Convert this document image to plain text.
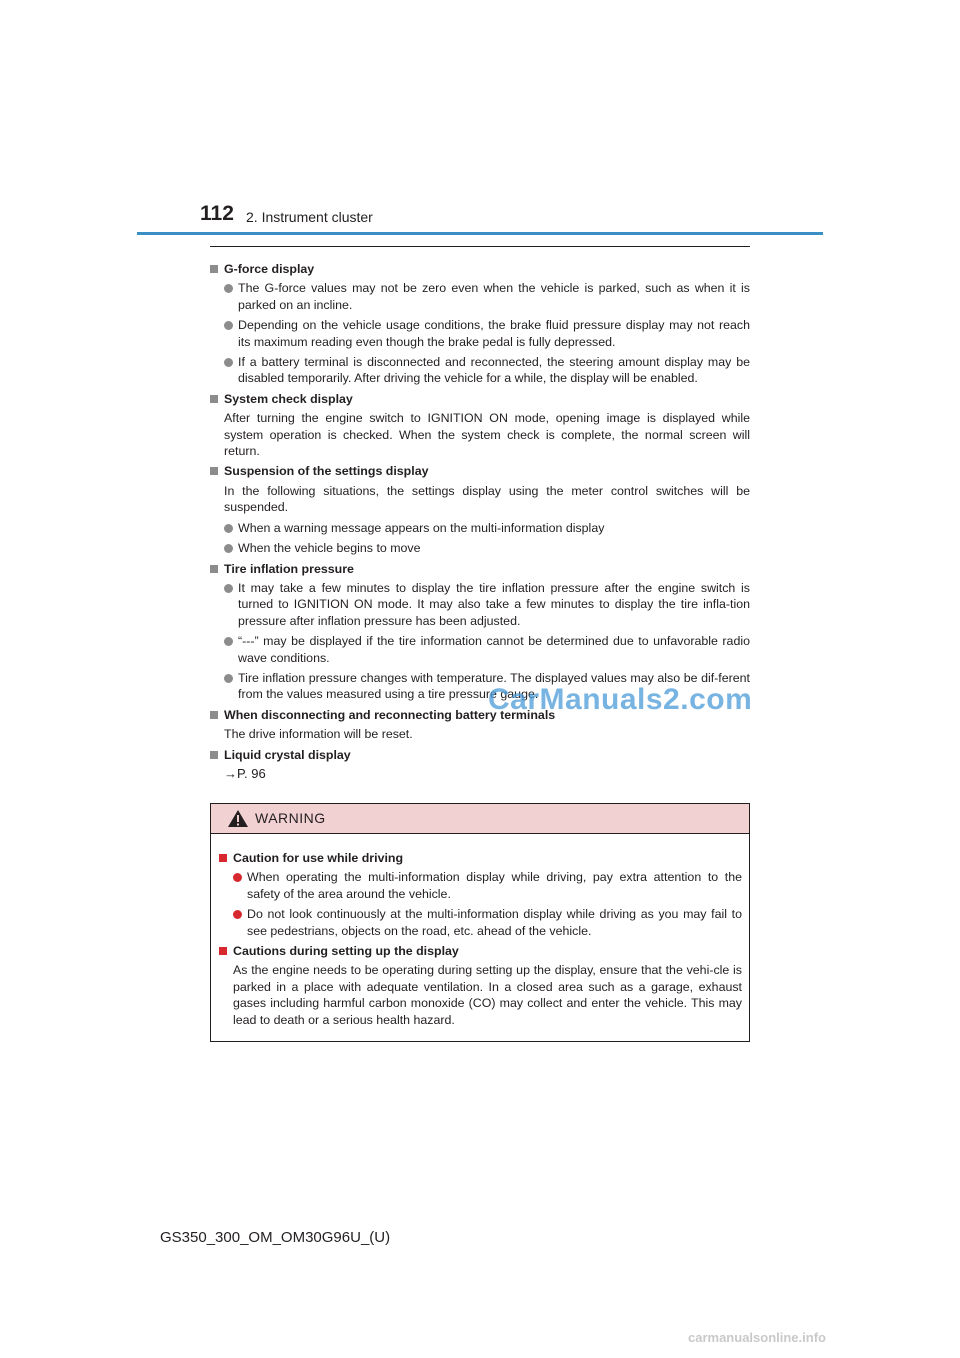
112 2. Instrument cluster
G-force display
The G-force values may not be zero even when the vehicle is parked, such as when it is parked on an incline.
Depending on the vehicle usage conditions, the brake fluid pressure display may not reach its maximum reading even though the brake pedal is fully depressed.
If a battery terminal is disconnected and reconnected, the steering amount display may be disabled temporarily. After driving the vehicle for a while, the display will be enabled.
System check display
After turning the engine switch to IGNITION ON mode, opening image is displayed while system operation is checked. When the system check is complete, the normal screen will return.
Suspension of the settings display
In the following situations, the settings display using the meter control switches will be suspended.
When a warning message appears on the multi-information display
When the vehicle begins to move
Tire inflation pressure
It may take a few minutes to display the tire inflation pressure after the engine switch is turned to IGNITION ON mode. It may also take a few minutes to display the tire infla-tion pressure after inflation pressure has been adjusted.
“---” may be displayed if the tire information cannot be determined due to unfavorable radio wave conditions.
Tire inflation pressure changes with temperature. The displayed values may also be dif-ferent from the values measured using a tire pressure gauge.
When disconnecting and reconnecting battery terminals
The drive information will be reset.
Liquid crystal display
→P. 96
WARNING
Caution for use while driving
When operating the multi-information display while driving, pay extra attention to the safety of the area around the vehicle.
Do not look continuously at the multi-information display while driving as you may fail to see pedestrians, objects on the road, etc. ahead of the vehicle.
Cautions during setting up the display
As the engine needs to be operating during setting up the display, ensure that the vehi-cle is parked in a place with adequate ventilation. In a closed area such as a garage, exhaust gases including harmful carbon monoxide (CO) may collect and enter the vehicle. This may lead to death or a serious health hazard.
CarManuals2.com
GS350_300_OM_OM30G96U_(U)
carmanualsonline.info
